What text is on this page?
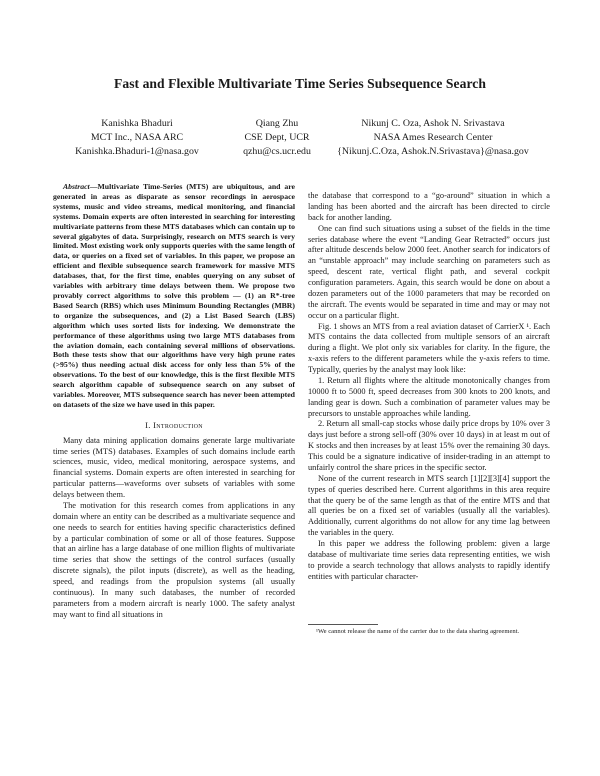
Fast and Flexible Multivariate Time Series Subsequence Search
Kanishka Bhaduri
MCT Inc., NASA ARC
Kanishka.Bhaduri-1@nasa.gov
Qiang Zhu
CSE Dept, UCR
qzhu@cs.ucr.edu
Nikunj C. Oza, Ashok N. Srivastava
NASA Ames Research Center
{Nikunj.C.Oza, Ashok.N.Srivastava}@nasa.gov

Abstract—Multivariate Time-Series (MTS) are ubiquitous, and are generated in areas as disparate as sensor recordings in aerospace systems, music and video streams, medical monitoring, and financial systems. Domain experts are often interested in searching for interesting multivariate patterns from these MTS databases which can contain up to several gigabytes of data. Surprisingly, research on MTS search is very limited. Most existing work only supports queries with the same length of data, or queries on a fixed set of variables. In this paper, we propose an efficient and flexible subsequence search framework for massive MTS databases, that, for the first time, enables querying on any subset of variables with arbitrary time delays between them. We propose two provably correct algorithms to solve this problem — (1) an R*-tree Based Search (RBS) which uses Minimum Bounding Rectangles (MBR) to organize the subsequences, and (2) a List Based Search (LBS) algorithm which uses sorted lists for indexing. We demonstrate the performance of these algorithms using two large MTS databases from the aviation domain, each containing several millions of observations. Both these tests show that our algorithms have very high prune rates (>95%) thus needing actual disk access for only less than 5% of the observations. To the best of our knowledge, this is the first flexible MTS search algorithm capable of subsequence search on any subset of variables. Moreover, MTS subsequence search has never been attempted on datasets of the size we have used in this paper.

I. Introduction

Many data mining application domains generate large multivariate time series (MTS) databases. Examples of such domains include earth sciences, music, video, medical monitoring, aerospace systems, and financial systems. Domain experts are often interested in searching for particular patterns—waveforms over subsets of variables with some delays between them.

The motivation for this research comes from applications in any domain where an entity can be described as a multivariate sequence and one needs to search for entities having specific characteristics defined by a particular combination of some or all of those features. Suppose that an airline has a large database of one million flights of multivariate time series that show the settings of the control surfaces (usually discrete signals), the pilot inputs (discrete), as well as the heading, speed, and readings from the propulsion systems (all usually continuous). In many such databases, the number of recorded parameters from a modern aircraft is nearly 1000. The safety analyst may want to find all situations in

the database that correspond to a “go-around” situation in which a landing has been aborted and the aircraft has been directed to circle back for another landing.

One can find such situations using a subset of the fields in the time series database where the event “Landing Gear Retracted” occurs just after altitude descends below 2000 feet. Another search for indicators of an “unstable approach” may include searching on parameters such as speed, descent rate, vertical flight path, and several cockpit configuration parameters. Again, this search would be done on about a dozen parameters out of the 1000 parameters that may be recorded on the aircraft. The events would be separated in time and may or may not occur on a particular flight.

Fig. 1 shows an MTS from a real aviation dataset of CarrierX ¹. Each MTS contains the data collected from multiple sensors of an aircraft during a flight. We plot only six variables for clarity. In the figure, the x-axis refers to the different parameters while the y-axis refers to time. Typically, queries by the analyst may look like:

1. Return all flights where the altitude monotonically changes from 10000 ft to 5000 ft, speed decreases from 300 knots to 200 knots, and landing gear is down. Such a combination of parameter values may be precursors to unstable approaches while landing.

2. Return all small-cap stocks whose daily price drops by 10% over 3 days just before a strong sell-off (30% over 10 days) in at least m out of K stocks and then increases by at least 15% over the remaining 30 days. This could be a signature indicative of insider-trading in an attempt to unfairly control the share prices in the specific sector.

None of the current research in MTS search [1][2][3][4] support the types of queries described here. Current algorithms in this area require that the query be of the same length as that of the entire MTS and that all queries be on a fixed set of variables (usually all the variables). Additionally, current algorithms do not allow for any time lag between the variables in the query.

In this paper we address the following problem: given a large database of multivariate time series data representing entities, we wish to provide a search technology that allows analysts to rapidly identify entities with particular character-

¹We cannot release the name of the carrier due to the data sharing agreement.
